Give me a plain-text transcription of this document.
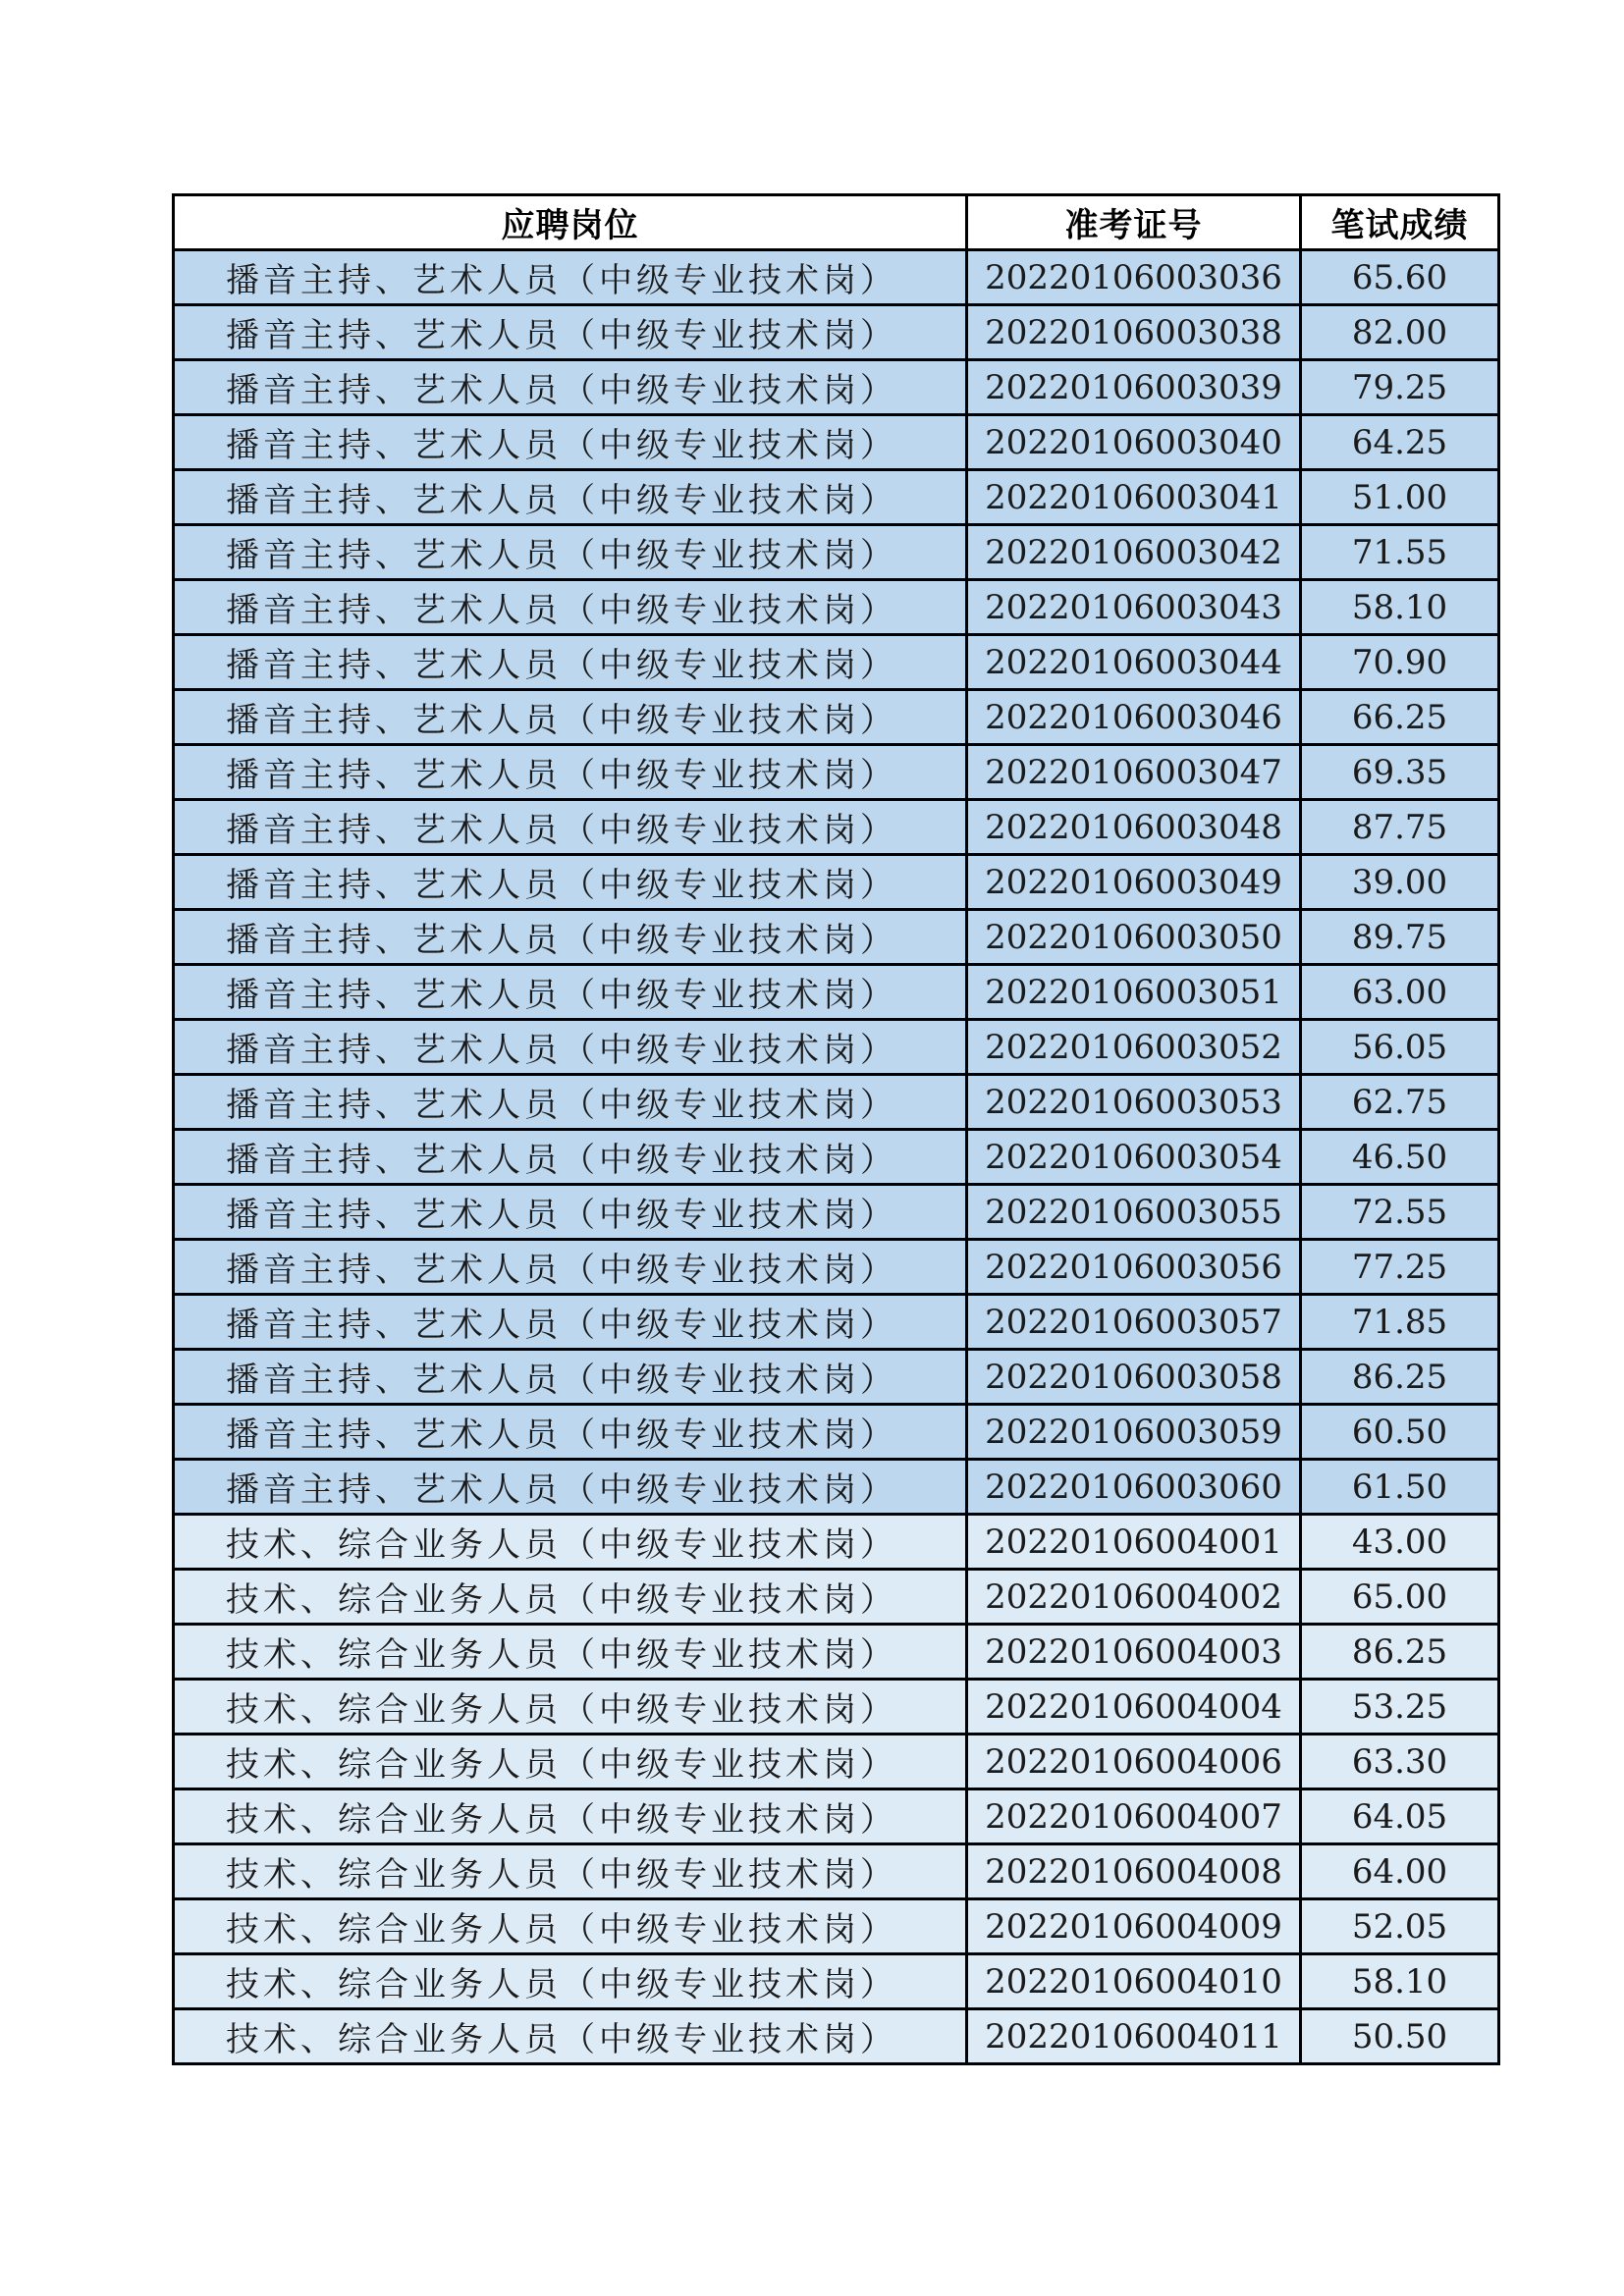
应聘岗位	准考证号	笔试成绩
播音主持、艺术人员（中级专业技术岗）	20220106003036	65.60
播音主持、艺术人员（中级专业技术岗）	20220106003038	82.00
播音主持、艺术人员（中级专业技术岗）	20220106003039	79.25
播音主持、艺术人员（中级专业技术岗）	20220106003040	64.25
播音主持、艺术人员（中级专业技术岗）	20220106003041	51.00
播音主持、艺术人员（中级专业技术岗）	20220106003042	71.55
播音主持、艺术人员（中级专业技术岗）	20220106003043	58.10
播音主持、艺术人员（中级专业技术岗）	20220106003044	70.90
播音主持、艺术人员（中级专业技术岗）	20220106003046	66.25
播音主持、艺术人员（中级专业技术岗）	20220106003047	69.35
播音主持、艺术人员（中级专业技术岗）	20220106003048	87.75
播音主持、艺术人员（中级专业技术岗）	20220106003049	39.00
播音主持、艺术人员（中级专业技术岗）	20220106003050	89.75
播音主持、艺术人员（中级专业技术岗）	20220106003051	63.00
播音主持、艺术人员（中级专业技术岗）	20220106003052	56.05
播音主持、艺术人员（中级专业技术岗）	20220106003053	62.75
播音主持、艺术人员（中级专业技术岗）	20220106003054	46.50
播音主持、艺术人员（中级专业技术岗）	20220106003055	72.55
播音主持、艺术人员（中级专业技术岗）	20220106003056	77.25
播音主持、艺术人员（中级专业技术岗）	20220106003057	71.85
播音主持、艺术人员（中级专业技术岗）	20220106003058	86.25
播音主持、艺术人员（中级专业技术岗）	20220106003059	60.50
播音主持、艺术人员（中级专业技术岗）	20220106003060	61.50
技术、综合业务人员（中级专业技术岗）	20220106004001	43.00
技术、综合业务人员（中级专业技术岗）	20220106004002	65.00
技术、综合业务人员（中级专业技术岗）	20220106004003	86.25
技术、综合业务人员（中级专业技术岗）	20220106004004	53.25
技术、综合业务人员（中级专业技术岗）	20220106004006	63.30
技术、综合业务人员（中级专业技术岗）	20220106004007	64.05
技术、综合业务人员（中级专业技术岗）	20220106004008	64.00
技术、综合业务人员（中级专业技术岗）	20220106004009	52.05
技术、综合业务人员（中级专业技术岗）	20220106004010	58.10
技术、综合业务人员（中级专业技术岗）	20220106004011	50.50
